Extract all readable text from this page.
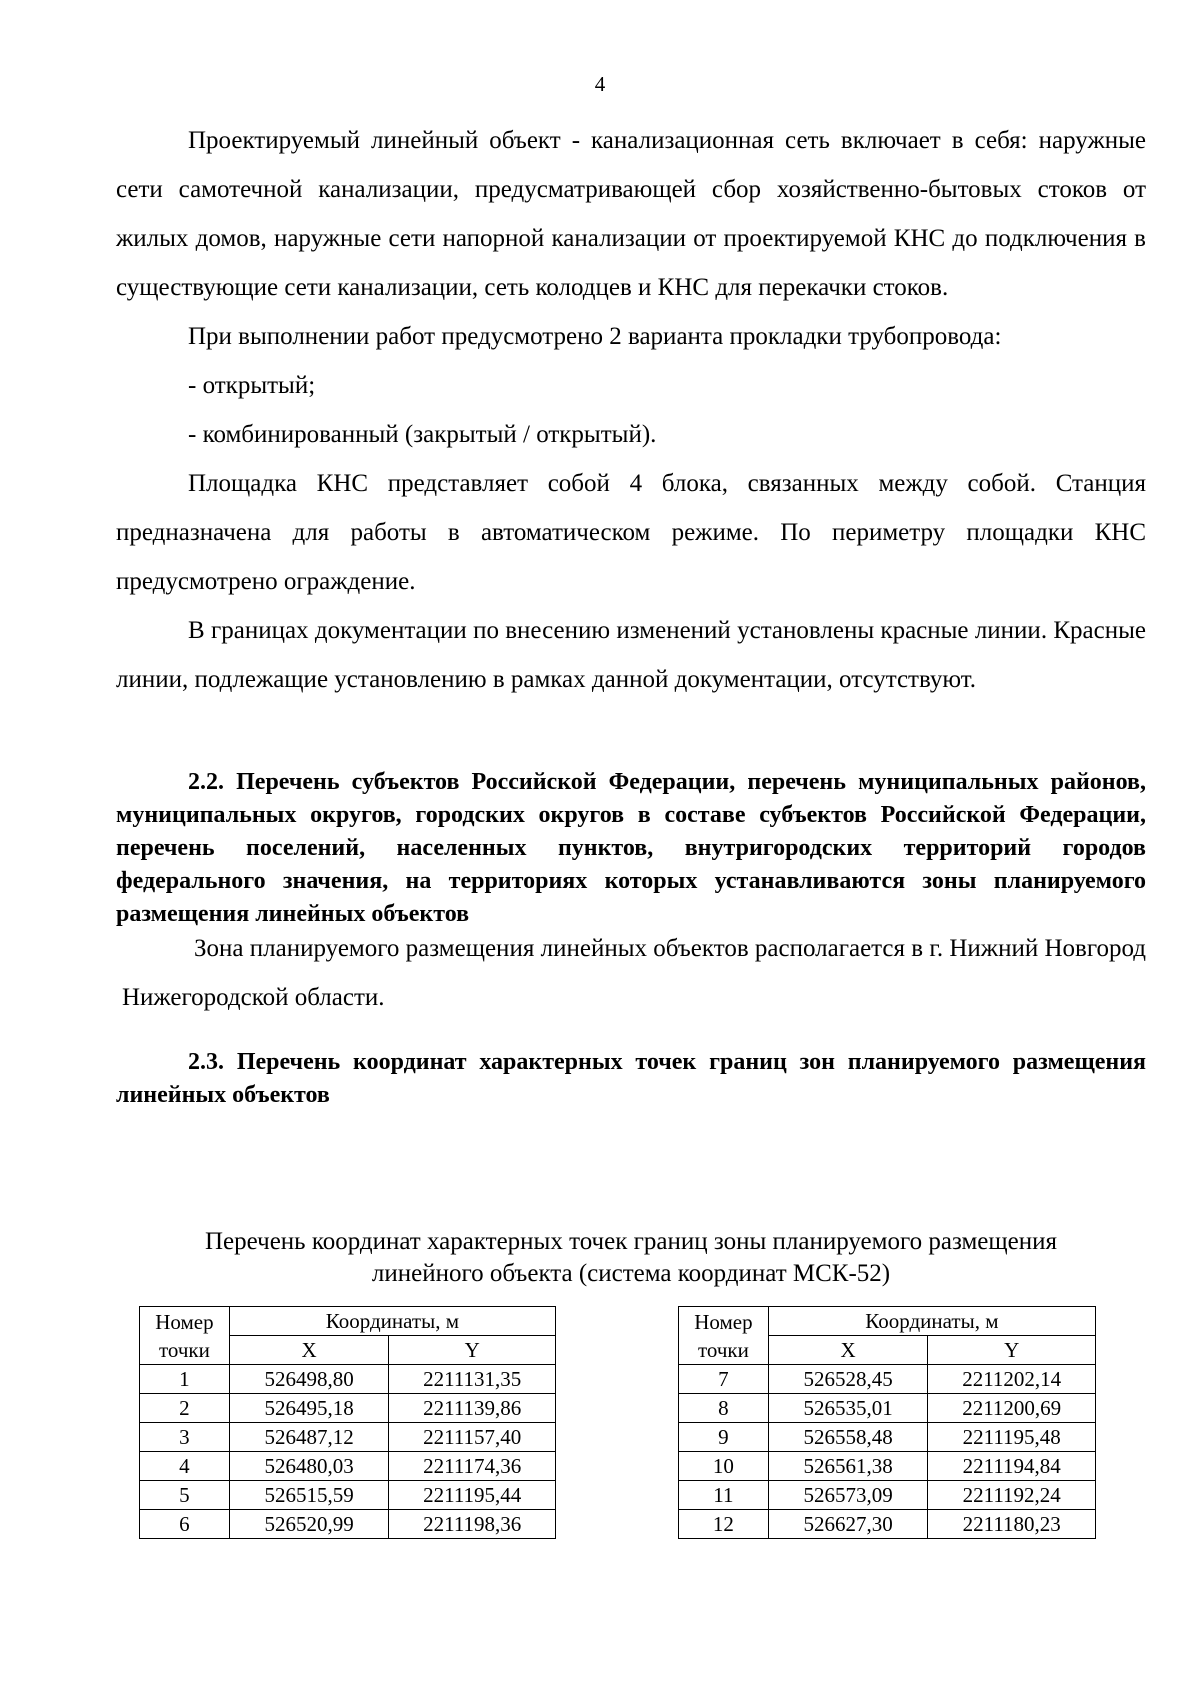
4

Проектируемый линейный объект - канализационная сеть включает в себя: наружные сети самотечной канализации, предусматривающей сбор хозяйственно-бытовых стоков от жилых домов, наружные сети напорной канализации от проектируемой КНС до подключения в существующие сети канализации, сеть колодцев и КНС для перекачки стоков.

При выполнении работ предусмотрено 2 варианта прокладки трубопровода:

- открытый;

- комбинированный (закрытый / открытый).

Площадка КНС представляет собой 4 блока, связанных между собой. Станция предназначена для работы в автоматическом режиме. По периметру площадки КНС предусмотрено ограждение.

В границах документации по внесению изменений установлены красные линии. Красные линии, подлежащие установлению в рамках данной документации, отсутствуют.

2.2. Перечень субъектов Российской Федерации, перечень муниципальных районов, муниципальных округов, городских округов в составе субъектов Российской Федерации, перечень поселений, населенных пунктов, внутригородских территорий городов федерального значения, на территориях которых устанавливаются зоны планируемого размещения линейных объектов
Зона планируемого размещения линейных объектов располагается в г. Нижний Новгород Нижегородской области.
2.3. Перечень координат характерных точек границ зон планируемого размещения линейных объектов
Перечень координат характерных точек границ зоны планируемого размещения
линейного объекта (система координат МСК-52)
Номер
точки	Координаты, м	
	X	Y
1	526498,80	2211131,35
2	526495,18	2211139,86
3	526487,12	2211157,40
4	526480,03	2211174,36
5	526515,59	2211195,44
6	526520,99	2211198,36
Номер
точки	Координаты, м	
	X	Y
7	526528,45	2211202,14
8	526535,01	2211200,69
9	526558,48	2211195,48
10	526561,38	2211194,84
11	526573,09	2211192,24
12	526627,30	2211180,23
